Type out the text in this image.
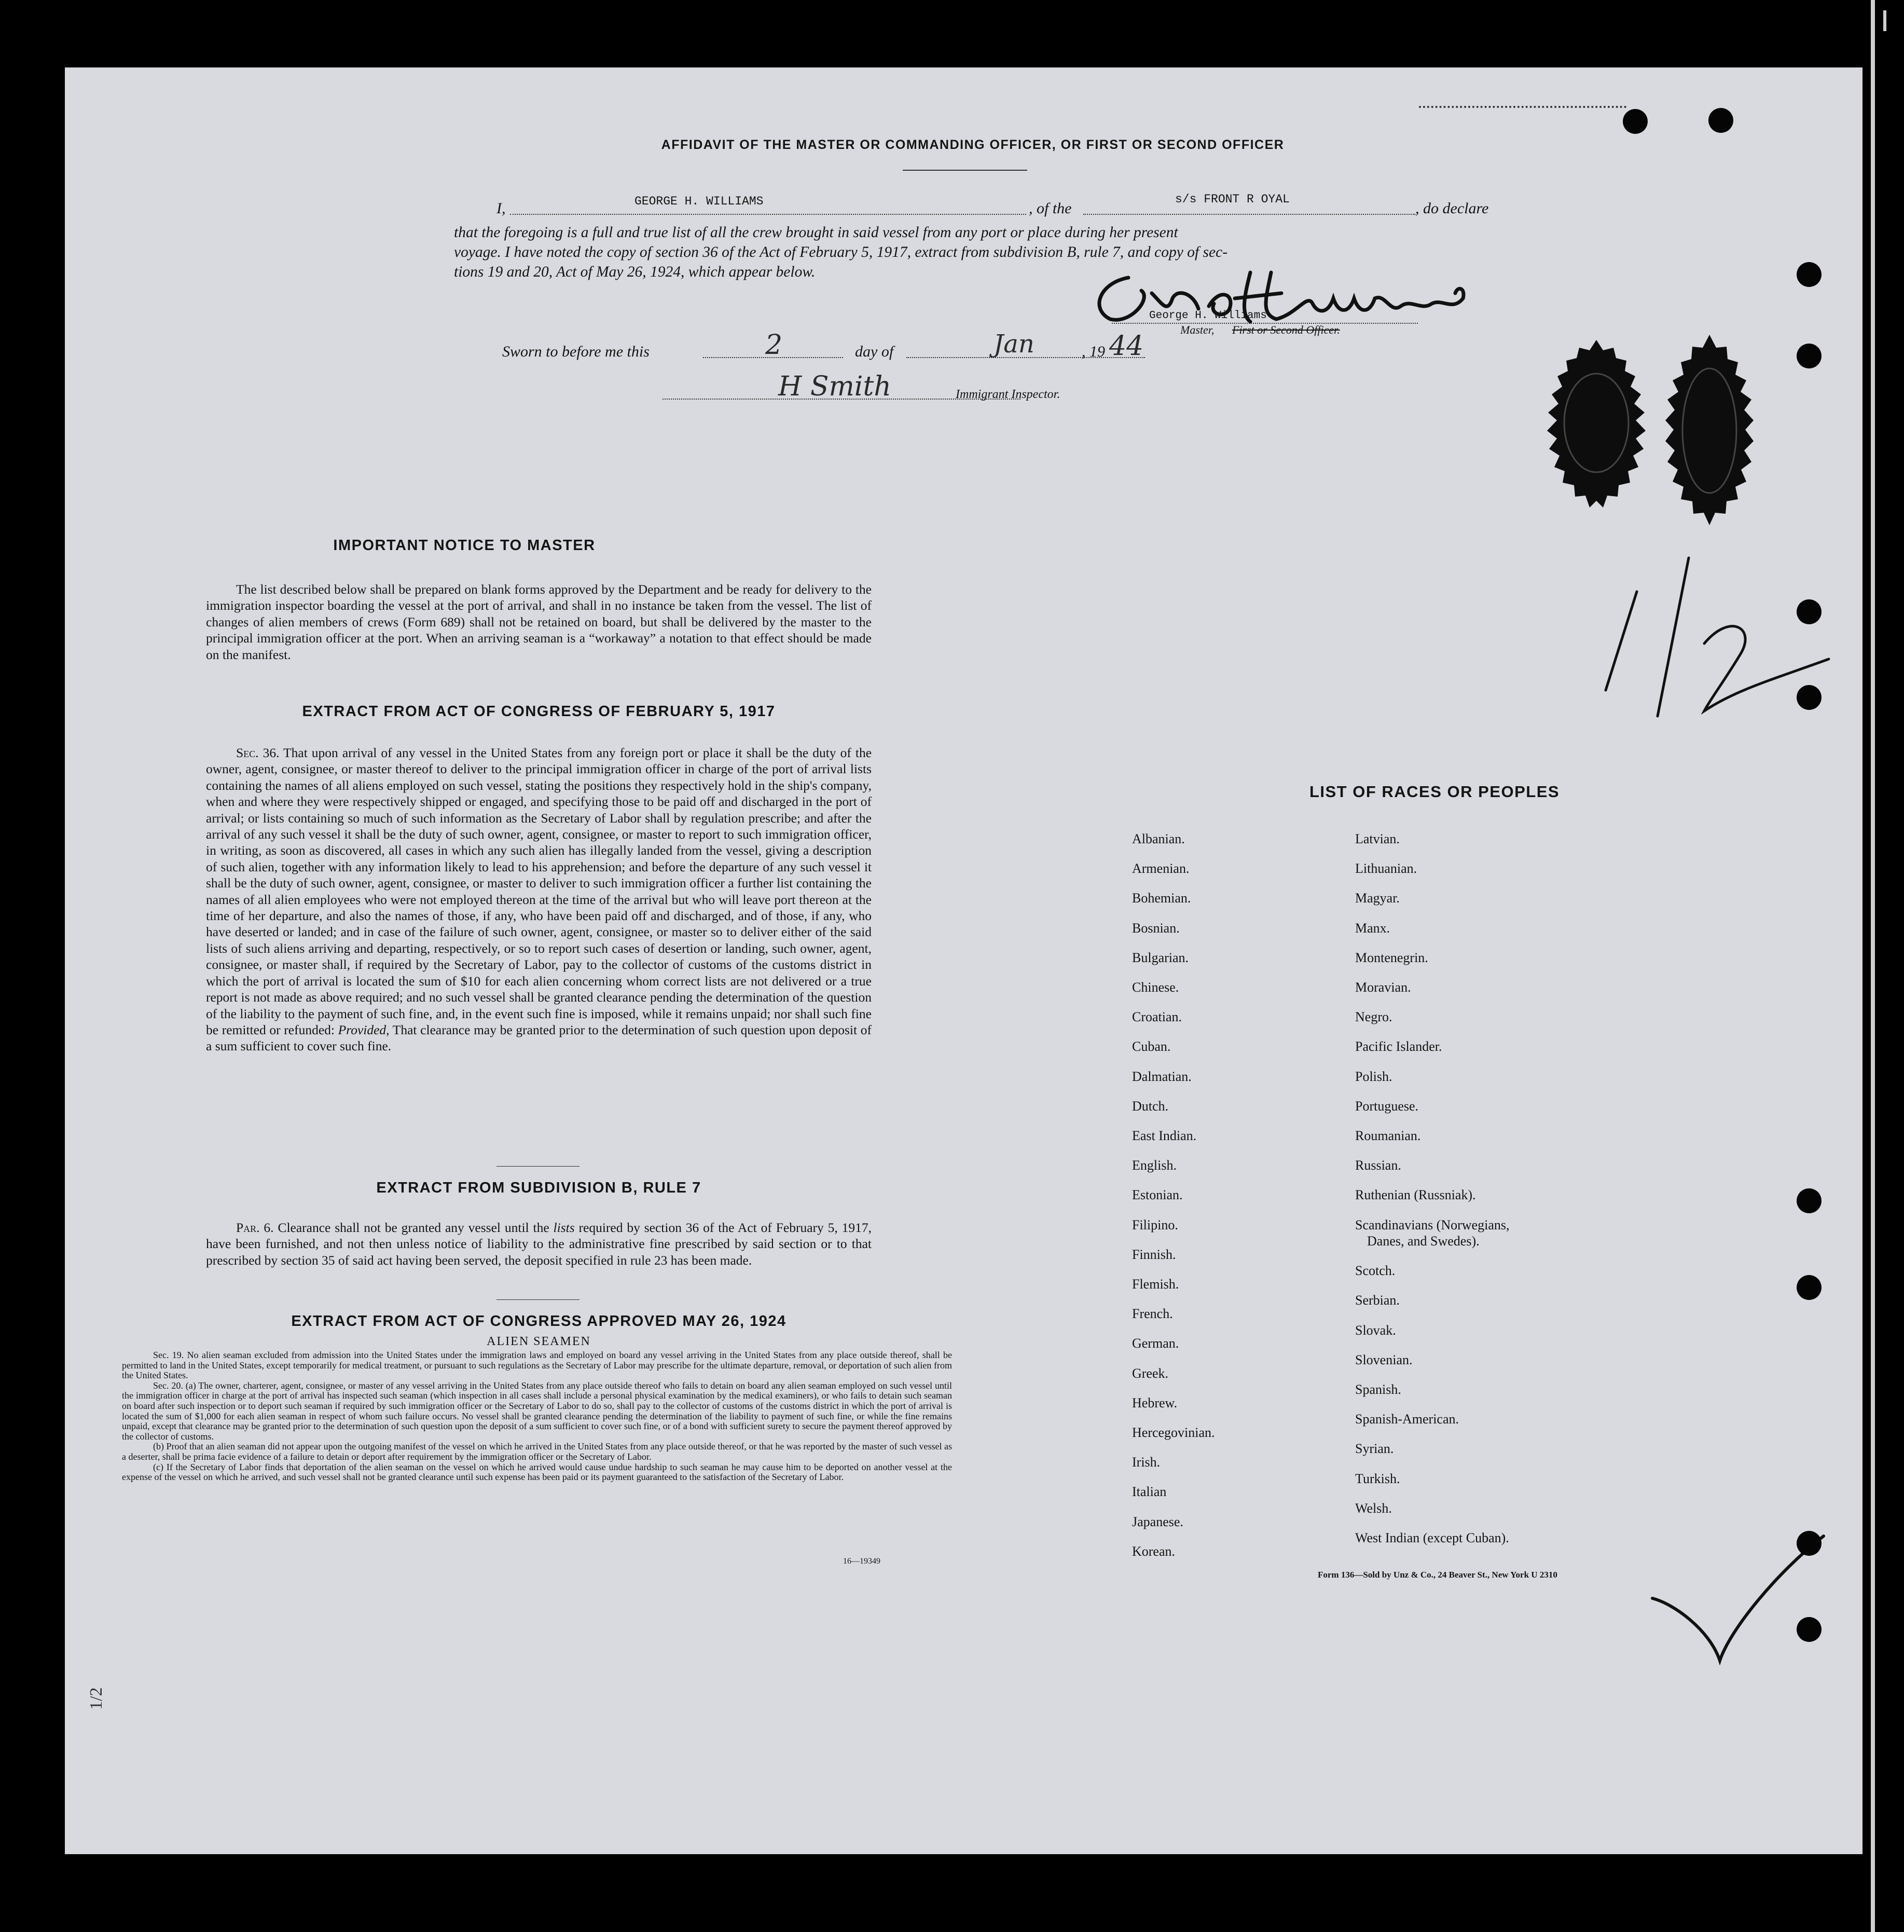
AFFIDAVIT OF THE MASTER OR COMMANDING OFFICER, OR FIRST OR SECOND OFFICER
I,	GEORGE H. WILLIAMS	, of the
s/s FRONT R OYAL
, do declare
that the foregoing is a full and true list of all the crew brought in said vessel from any port or place during her present
voyage. I have noted the copy of section 36 of the Act of February 5, 1917, extract from subdivision B, rule 7, and copy of sec-
tions 19 and 20, Act of May 26, 1924, which appear below.
George H. Williams
Master, First or Second Officer.
Sworn to before me this	2	day of	Jan	, 19 44
H Smith	Immigrant Inspector.
IMPORTANT NOTICE TO MASTER
The list described below shall be prepared on blank forms approved by the Department and be ready for delivery to the immigration inspector boarding the vessel at the port of arrival, and shall in no instance be taken from the vessel. The list of changes of alien members of crews (Form 689) shall not be retained on board, but shall be delivered by the master to the principal immigration officer at the port. When an arriving seaman is a “workaway” a notation to that effect should be made on the manifest.
EXTRACT FROM ACT OF CONGRESS OF FEBRUARY 5, 1917
Sec. 36. That upon arrival of any vessel in the United States from any foreign port or place it shall be the duty of the owner, agent, consignee, or master thereof to deliver to the principal immigration officer in charge of the port of arrival lists containing the names of all aliens employed on such vessel, stating the positions they respectively hold in the ship's company, when and where they were respectively shipped or engaged, and specifying those to be paid off and discharged in the port of arrival; or lists containing so much of such information as the Secretary of Labor shall by regulation prescribe; and after the arrival of any such vessel it shall be the duty of such owner, agent, consignee, or master to report to such immigration officer, in writing, as soon as discovered, all cases in which any such alien has illegally landed from the vessel, giving a description of such alien, together with any information likely to lead to his apprehension; and before the departure of any such vessel it shall be the duty of such owner, agent, consignee, or master to deliver to such immigration officer a further list containing the names of all alien employees who were not employed thereon at the time of the arrival but who will leave port thereon at the time of her departure, and also the names of those, if any, who have been paid off and discharged, and of those, if any, who have deserted or landed; and in case of the failure of such owner, agent, consignee, or master so to deliver either of the said lists of such aliens arriving and departing, respectively, or so to report such cases of desertion or landing, such owner, agent, consignee, or master shall, if required by the Secretary of Labor, pay to the collector of customs of the customs district in which the port of arrival is located the sum of $10 for each alien concerning whom correct lists are not delivered or a true report is not made as above required; and no such vessel shall be granted clearance pending the determination of the question of the liability to the payment of such fine, and, in the event such fine is imposed, while it remains unpaid; nor shall such fine be remitted or refunded: Provided, That clearance may be granted prior to the determination of such question upon deposit of a sum sufficient to cover such fine.
EXTRACT FROM SUBDIVISION B, RULE 7
Par. 6. Clearance shall not be granted any vessel until the lists required by section 36 of the Act of February 5, 1917, have been furnished, and not then unless notice of liability to the administrative fine prescribed by said section or to that prescribed by section 35 of said act having been served, the deposit specified in rule 23 has been made.
EXTRACT FROM ACT OF CONGRESS APPROVED MAY 26, 1924
ALIEN SEAMEN
Sec. 19. No alien seaman excluded from admission into the United States under the immigration laws and employed on board any vessel arriving in the United States from any place outside thereof, shall be permitted to land in the United States, except temporarily for medical treatment, or pursuant to such regulations as the Secretary of Labor may prescribe for the ultimate departure, removal, or deportation of such alien from the United States.
Sec. 20. (a) The owner, charterer, agent, consignee, or master of any vessel arriving in the United States from any place outside thereof who fails to detain on board any alien seaman employed on such vessel until the immigration officer in charge at the port of arrival has inspected such seaman (which inspection in all cases shall include a personal physical examination by the medical examiners), or who fails to detain such seaman on board after such inspection or to deport such seaman if required by such immigration officer or the Secretary of Labor to do so, shall pay to the collector of customs of the customs district in which the port of arrival is located the sum of $1,000 for each alien seaman in respect of whom such failure occurs. No vessel shall be granted clearance pending the determination of the liability to payment of such fine, or while the fine remains unpaid, except that clearance may be granted prior to the determination of such question upon the deposit of a sum sufficient to cover such fine, or of a bond with sufficient surety to secure the payment thereof approved by the collector of customs.
(b) Proof that an alien seaman did not appear upon the outgoing manifest of the vessel on which he arrived in the United States from any place outside thereof, or that he was reported by the master of such vessel as a deserter, shall be prima facie evidence of a failure to detain or deport after requirement by the immigration officer or the Secretary of Labor.
(c) If the Secretary of Labor finds that deportation of the alien seaman on the vessel on which he arrived would cause undue hardship to such seaman he may cause him to be deported on another vessel at the expense of the vessel on which he arrived, and such vessel shall not be granted clearance until such expense has been paid or its payment guaranteed to the satisfaction of the Secretary of Labor.
16—19349
LIST OF RACES OR PEOPLES
Form 136—Sold by Unz & Co., 24 Beaver St., New York U 2310
1/2
Albanian.
Armenian.
Bohemian.
Bosnian.
Bulgarian.
Chinese.
Croatian.
Cuban.
Dalmatian.
Dutch.
East Indian.
English.
Estonian.
Filipino.
Finnish.
Flemish.
French.
German.
Greek.
Hebrew.
Hercegovinian.
Irish.
Italian
Japanese.
Korean.
Latvian.
Lithuanian.
Magyar.
Manx.
Montenegrin.
Moravian.
Negro.
Pacific Islander.
Polish.
Portuguese.
Roumanian.
Russian.
Ruthenian (Russniak).
Scandinavians (Norwegians,
Danes, and Swedes).
Scotch.
Serbian.
Slovak.
Slovenian.
Spanish.
Spanish-American.
Syrian.
Turkish.
Welsh.
West Indian (except Cuban).
